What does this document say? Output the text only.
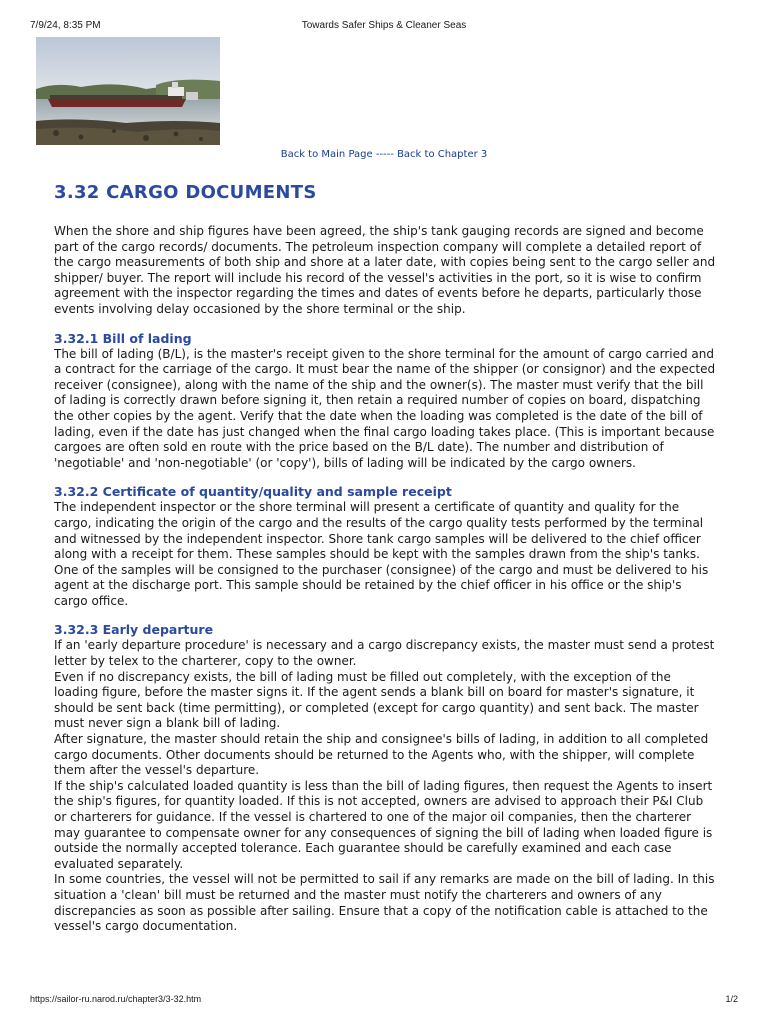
7/9/24, 8:35 PM	Towards Safer Ships & Cleaner Seas
Back to Main Page ----- Back to Chapter 3
3.32 CARGO DOCUMENTS

When the shore and ship figures have been agreed, the ship's tank gauging records are signed and become part of the cargo records/ documents. The petroleum inspection company will complete a detailed report of the cargo measurements of both ship and shore at a later date, with copies being sent to the cargo seller and shipper/ buyer. The report will include his record of the vessel's activities in the port, so it is wise to confirm agreement with the inspector regarding the times and dates of events before he departs, particularly those events involving delay occasioned by the shore terminal or the ship.

3.32.1 Bill of lading

The bill of lading (B/L), is the master's receipt given to the shore terminal for the amount of cargo carried and a contract for the carriage of the cargo. It must bear the name of the shipper (or consignor) and the expected receiver (consignee), along with the name of the ship and the owner(s). The master must verify that the bill of lading is correctly drawn before signing it, then retain a required number of copies on board, dispatching the other copies by the agent. Verify that the date when the loading was completed is the date of the bill of lading, even if the date has just changed when the final cargo loading takes place. (This is important because cargoes are often sold en route with the price based on the B/L date). The number and distribution of 'negotiable' and 'non-negotiable' (or 'copy'), bills of lading will be indicated by the cargo owners.

3.32.2 Certificate of quantity/quality and sample receipt

The independent inspector or the shore terminal will present a certificate of quantity and quality for the cargo, indicating the origin of the cargo and the results of the cargo quality tests performed by the terminal and witnessed by the independent inspector. Shore tank cargo samples will be delivered to the chief officer along with a receipt for them. These samples should be kept with the samples drawn from the ship's tanks. One of the samples will be consigned to the purchaser (consignee) of the cargo and must be delivered to his agent at the discharge port. This sample should be retained by the chief officer in his office or the ship's cargo office.

3.32.3 Early departure

If an 'early departure procedure' is necessary and a cargo discrepancy exists, the master must send a protest letter by telex to the charterer, copy to the owner.

Even if no discrepancy exists, the bill of lading must be filled out completely, with the exception of the loading figure, before the master signs it. If the agent sends a blank bill on board for master's signature, it should be sent back (time permitting), or completed (except for cargo quantity) and sent back. The master must never sign a blank bill of lading.

After signature, the master should retain the ship and consignee's bills of lading, in addition to all completed cargo documents. Other documents should be returned to the Agents who, with the shipper, will complete them after the vessel's departure.

If the ship's calculated loaded quantity is less than the bill of lading figures, then request the Agents to insert the ship's figures, for quantity loaded. If this is not accepted, owners are advised to approach their P&I Club or charterers for guidance. If the vessel is chartered to one of the major oil companies, then the charterer may guarantee to compensate owner for any consequences of signing the bill of lading when loaded figure is outside the normally accepted tolerance. Each guarantee should be carefully examined and each case evaluated separately.

In some countries, the vessel will not be permitted to sail if any remarks are made on the bill of lading. In this situation a 'clean' bill must be returned and the master must notify the charterers and owners of any discrepancies as soon as possible after sailing. Ensure that a copy of the notification cable is attached to the vessel's cargo documentation.

https://sailor-ru.narod.ru/chapter3/3-32.htm	1/2
